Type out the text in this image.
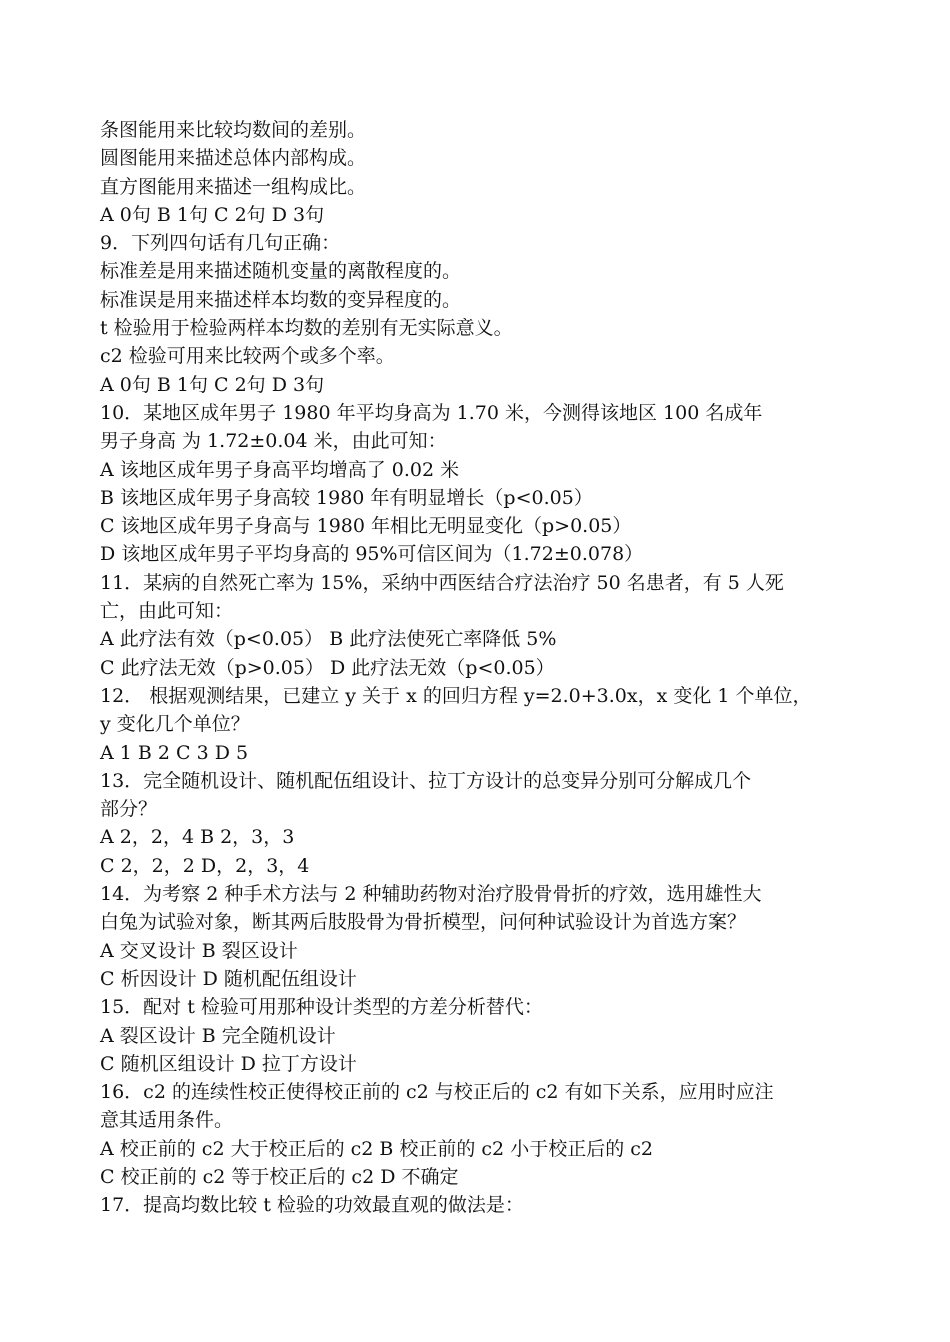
条图能用来比较均数间的差别。
圆图能用来描述总体内部构成。
直方图能用来描述一组构成比。
A 0句 B 1句 C 2句 D 3句
9．下列四句话有几句正确：
标准差是用来描述随机变量的离散程度的。
标准误是用来描述样本均数的变异程度的。
t 检验用于检验两样本均数的差别有无实际意义。
c2 检验可用来比较两个或多个率。
A 0句 B 1句 C 2句 D 3句
10．某地区成年男子 1980 年平均身高为 1.70 米，今测得该地区 100 名成年
男子身高 为 1.72±0.04 米，由此可知：
A 该地区成年男子身高平均增高了 0.02 米
B 该地区成年男子身高较 1980 年有明显增长（p<0.05）
C 该地区成年男子身高与 1980 年相比无明显变化（p>0.05）
D 该地区成年男子平均身高的 95%可信区间为（1.72±0.078）
11．某病的自然死亡率为 15%，采纳中西医结合疗法治疗 50 名患者，有 5 人死
亡，由此可知：
A 此疗法有效（p<0.05） B 此疗法使死亡率降低 5%
C 此疗法无效（p>0.05） D 此疗法无效（p<0.05）
12． 根据观测结果，已建立 y 关于 x 的回归方程 y=2.0+3.0x，x 变化 1 个单位，
y 变化几个单位？
A 1 B 2 C 3 D 5
13．完全随机设计、随机配伍组设计、拉丁方设计的总变异分别可分解成几个
部分？
A 2，2，4 B 2，3，3
C 2，2，2 D，2，3，4
14．为考察 2 种手术方法与 2 种辅助药物对治疗股骨骨折的疗效，选用雄性大
白兔为试验对象，断其两后肢股骨为骨折模型，问何种试验设计为首选方案？
A 交叉设计 B 裂区设计
C 析因设计 D 随机配伍组设计
15．配对 t 检验可用那种设计类型的方差分析替代：
A 裂区设计 B 完全随机设计
C 随机区组设计 D 拉丁方设计
16．c2 的连续性校正使得校正前的 c2 与校正后的 c2 有如下关系，应用时应注
意其适用条件。
A 校正前的 c2 大于校正后的 c2 B 校正前的 c2 小于校正后的 c2
C 校正前的 c2 等于校正后的 c2 D 不确定
17．提高均数比较 t 检验的功效最直观的做法是：
